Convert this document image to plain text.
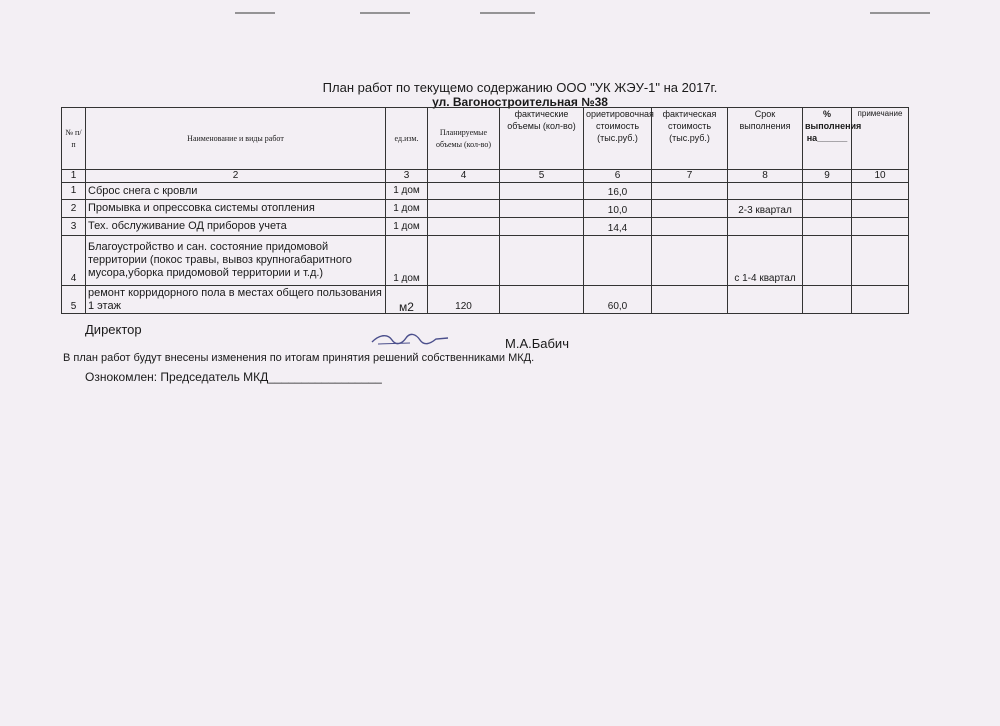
План работ по текущемо содержанию ООО "УК ЖЭУ-1" на 2017г.
ул. Вагоностроительная №38
№ п/п	Наименование и виды работ	ед.изм.	Планируемые объемы (кол-во)	фактические объемы (кол-во)	ориетировочная стоимость (тыс.руб.)	фактическая стоимость (тыс.руб.)	Срок выполнения	% выполнения на______	примечание
1	2	3	4	5	6	7	8	9	10
1	Сброс снега с кровли	1 дом			16,0				
2	Промывка и опрессовка системы отопления	1 дом			10,0		2-3 квартал		
3	Тех. обслуживание ОД приборов учета	1 дом			14,4				
4	Благоустройство и сан. состояние придомовой территории (покос травы, вывоз крупногабаритного мусора,уборка придомовой территории и т.д.)	1 дом					с 1-4 квартал		
5	ремонт корридорного пола в местах общего пользования 1 этаж	м2	120		60,0				
Директор
М.А.Бабич
В план работ будут внесены изменения по итогам принятия решений собственниками МКД.
Ознокомлен: Председатель МКД_________________
